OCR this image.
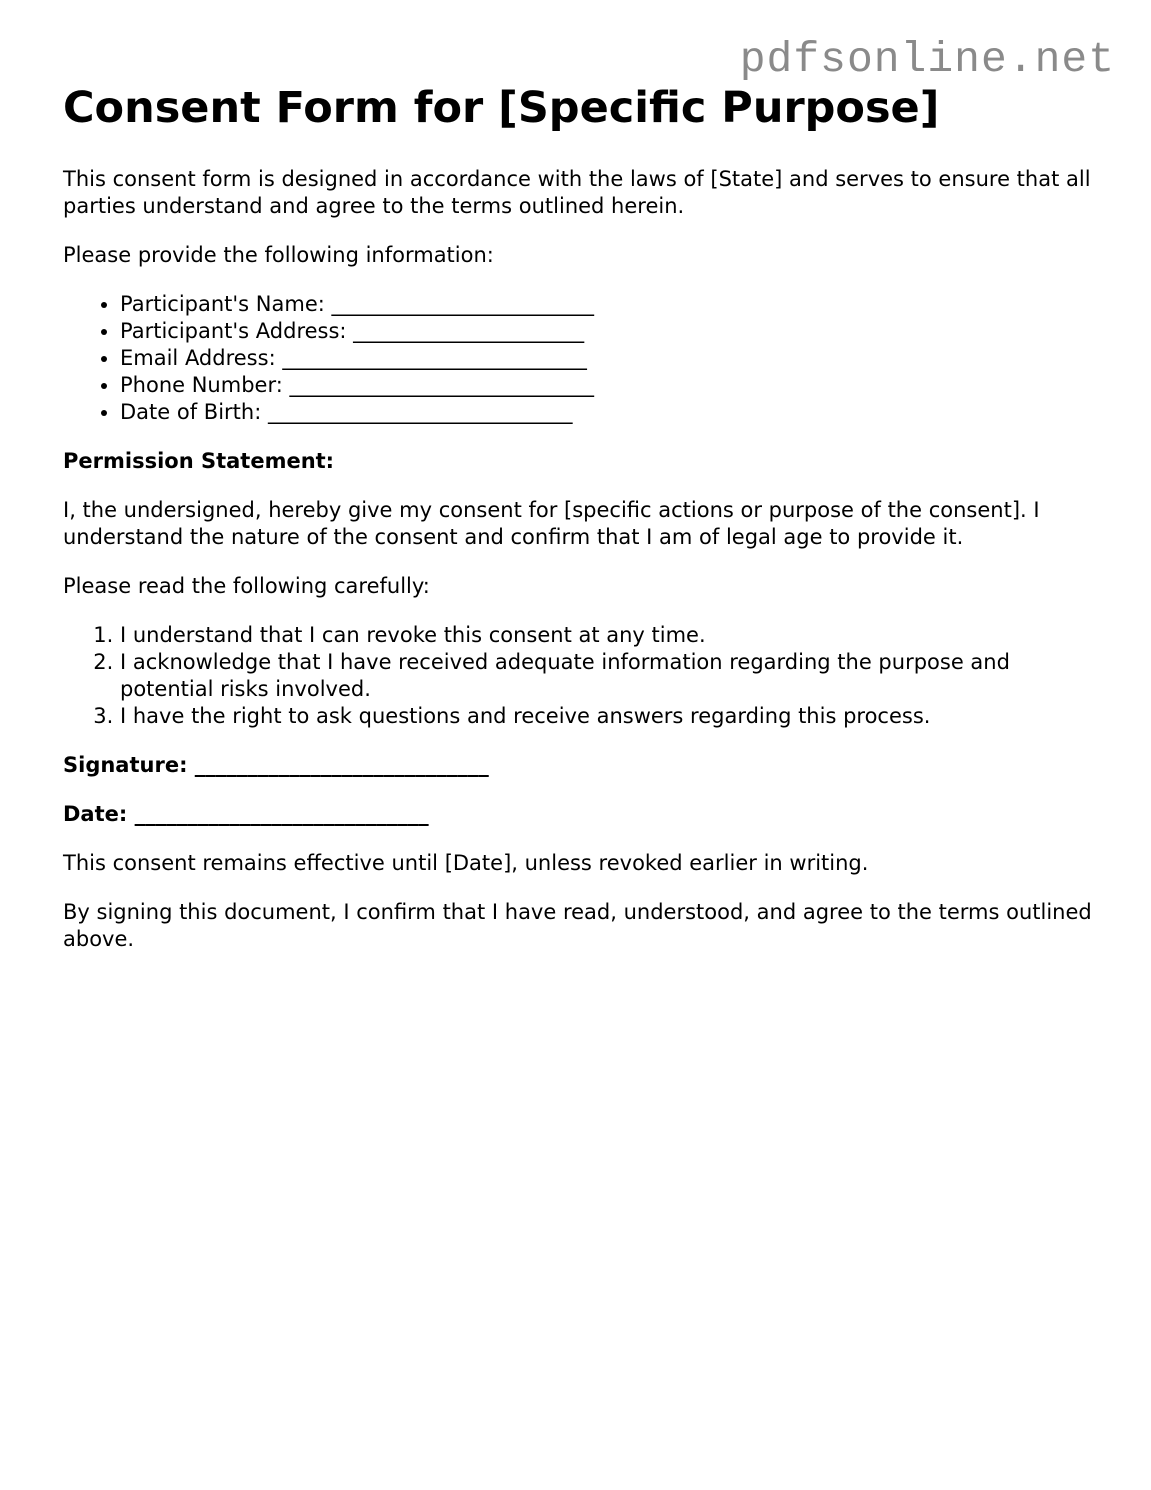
pdfsonline.net
Consent Form for [Specific Purpose]

This consent form is designed in accordance with the laws of [State] and serves to ensure that all parties understand and agree to the terms outlined herein.

Please provide the following information:

• Participant's Name: _________________________
• Participant's Address: ______________________
• Email Address: _____________________________
• Phone Number: _____________________________
• Date of Birth: _____________________________

Permission Statement:

I, the undersigned, hereby give my consent for [specific actions or purpose of the consent]. I understand the nature of the consent and confirm that I am of legal age to provide it.

Please read the following carefully:

1. I understand that I can revoke this consent at any time.
2. I acknowledge that I have received adequate information regarding the purpose and potential risks involved.
3. I have the right to ask questions and receive answers regarding this process.

Signature: ____________________________

Date: ____________________________

This consent remains effective until [Date], unless revoked earlier in writing.

By signing this document, I confirm that I have read, understood, and agree to the terms outlined above.
